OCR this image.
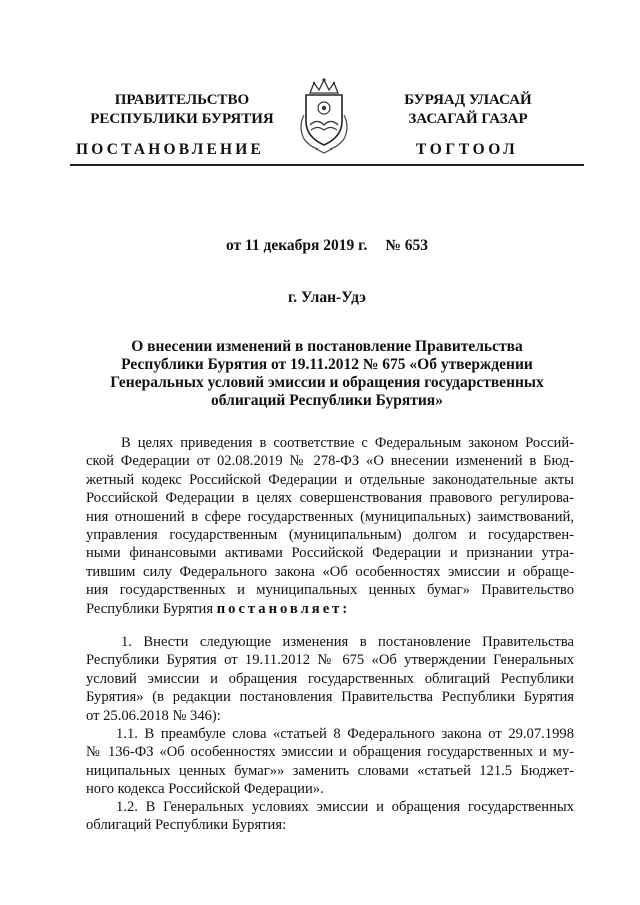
ПРАВИТЕЛЬСТВО
РЕСПУБЛИКИ БУРЯТИЯ
БУРЯАД УЛАСАЙ
ЗАСАГАЙ ГАЗАР
ПОСТАНОВЛЕНИЕ	ТОГТООЛ
от 11 декабря 2019 г. № 653
г. Улан-Удэ
О внесении изменений в постановление Правительства
Республики Бурятия от 19.11.2012 № 675 «Об утверждении
Генеральных условий эмиссии и обращения государственных
облигаций Республики Бурятия»
В целях приведения в соответствие с Федеральным законом Россий-
ской Федерации от 02.08.2019 № 278-ФЗ «О внесении изменений в Бюд-
жетный кодекс Российской Федерации и отдельные законодательные акты
Российской Федерации в целях совершенствования правового регулирова-
ния отношений в сфере государственных (муниципальных) заимствований,
управления государственным (муниципальным) долгом и государствен-
ными финансовыми активами Российской Федерации и признании утра-
тившим силу Федерального закона «Об особенностях эмиссии и обраще-
ния государственных и муниципальных ценных бумаг» Правительство
Республики Бурятия постановляет:
1. Внести следующие изменения в постановление Правительства
Республики Бурятия от 19.11.2012 № 675 «Об утверждении Генеральных
условий эмиссии и обращения государственных облигаций Республики
Бурятия» (в редакции постановления Правительства Республики Бурятия
от 25.06.2018 № 346):
1.1. В преамбуле слова «статьей 8 Федерального закона от 29.07.1998
№ 136-ФЗ «Об особенностях эмиссии и обращения государственных и му-
ниципальных ценных бумаг»» заменить словами «статьей 121.5 Бюджет-
ного кодекса Российской Федерации».
1.2. В Генеральных условиях эмиссии и обращения государственных
облигаций Республики Бурятия:
